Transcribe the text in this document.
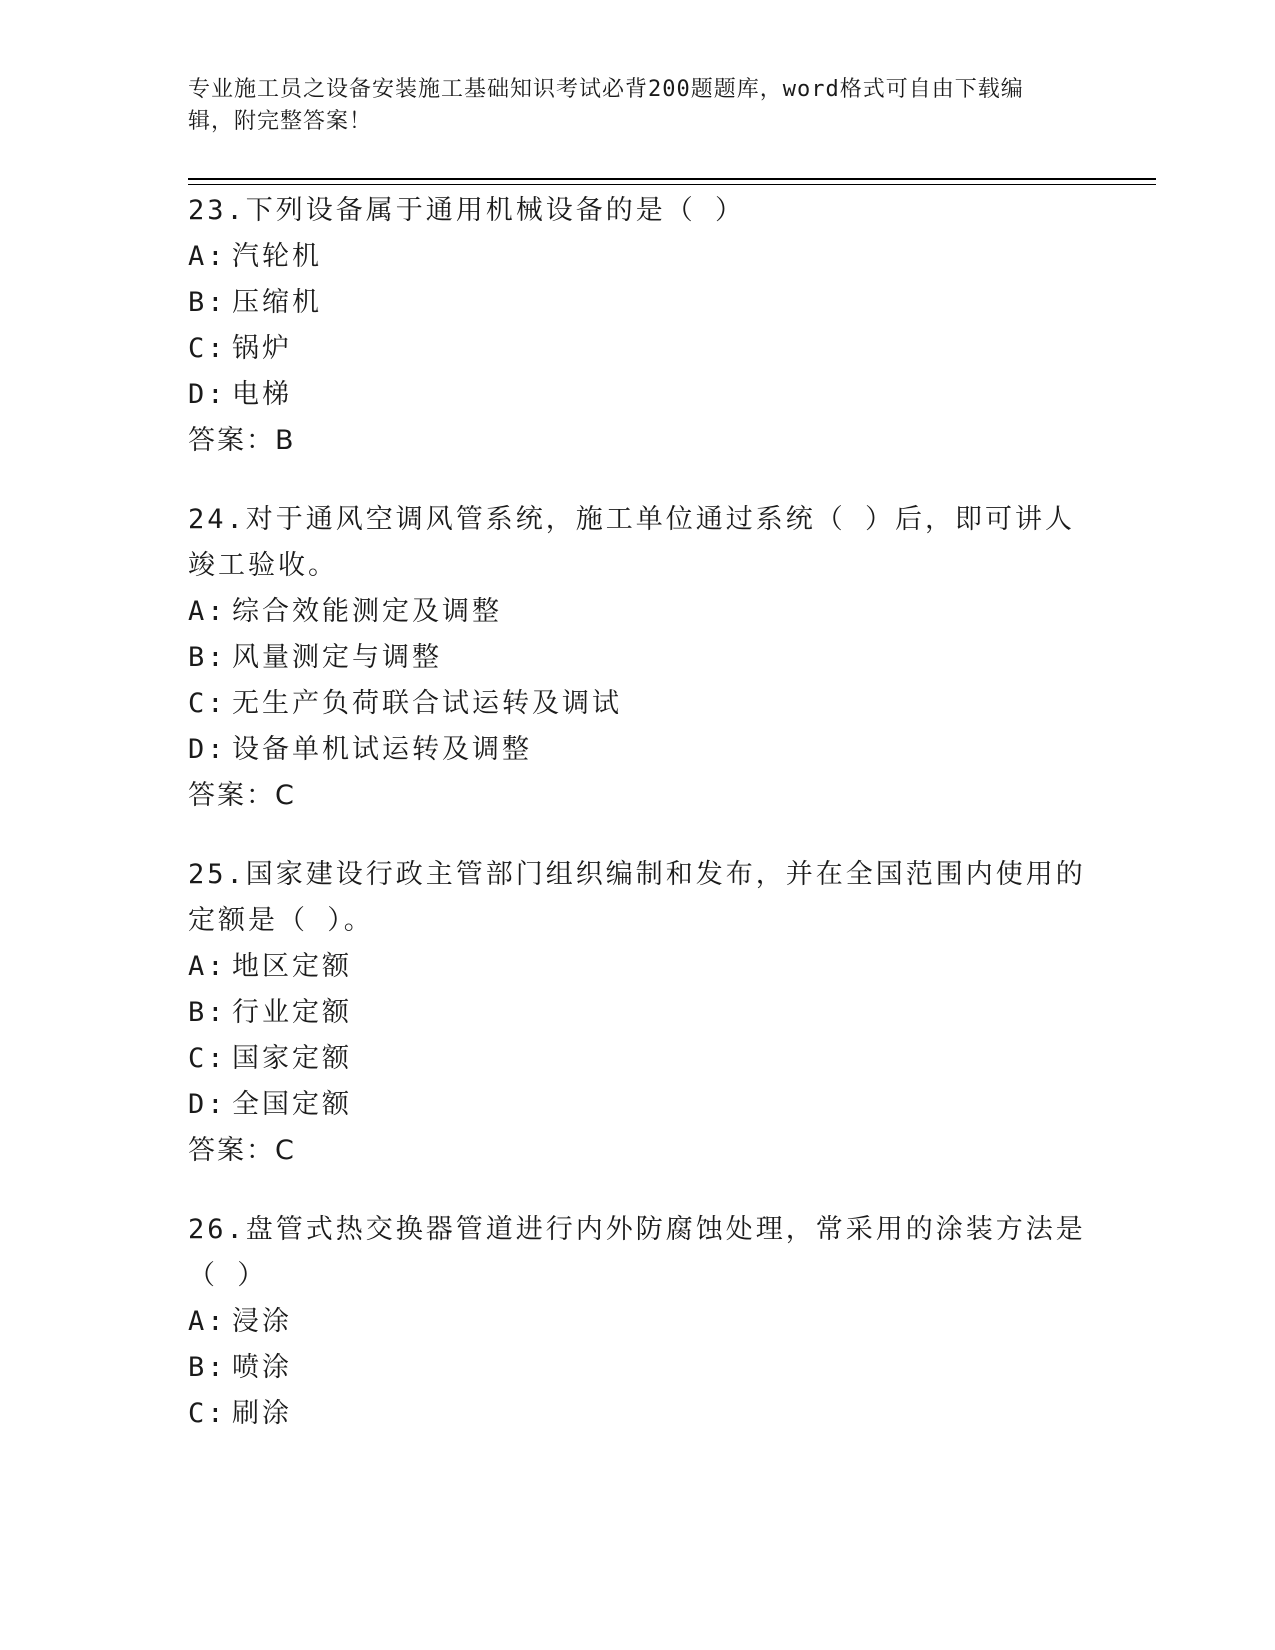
专业施工员之设备安装施工基础知识考试必背200题题库，word格式可自由下载编辑，附完整答案！

23.下列设备属于通用机械设备的是（ ）

A: 汽轮机

B: 压缩机

C: 锅炉

D: 电梯

答案：B

24.对于通风空调风管系统，施工单位通过系统（ ）后，即可讲人竣工验收。

A: 综合效能测定及调整

B: 风量测定与调整

C: 无生产负荷联合试运转及调试

D: 设备单机试运转及调整

答案：C

25.国家建设行政主管部门组织编制和发布，并在全国范围内使用的定额是（ ）。

A: 地区定额

B: 行业定额

C: 国家定额

D: 全国定额

答案：C

26.盘管式热交换器管道进行内外防腐蚀处理，常采用的涂装方法是（ ）

A: 浸涂

B: 喷涂

C: 刷涂
